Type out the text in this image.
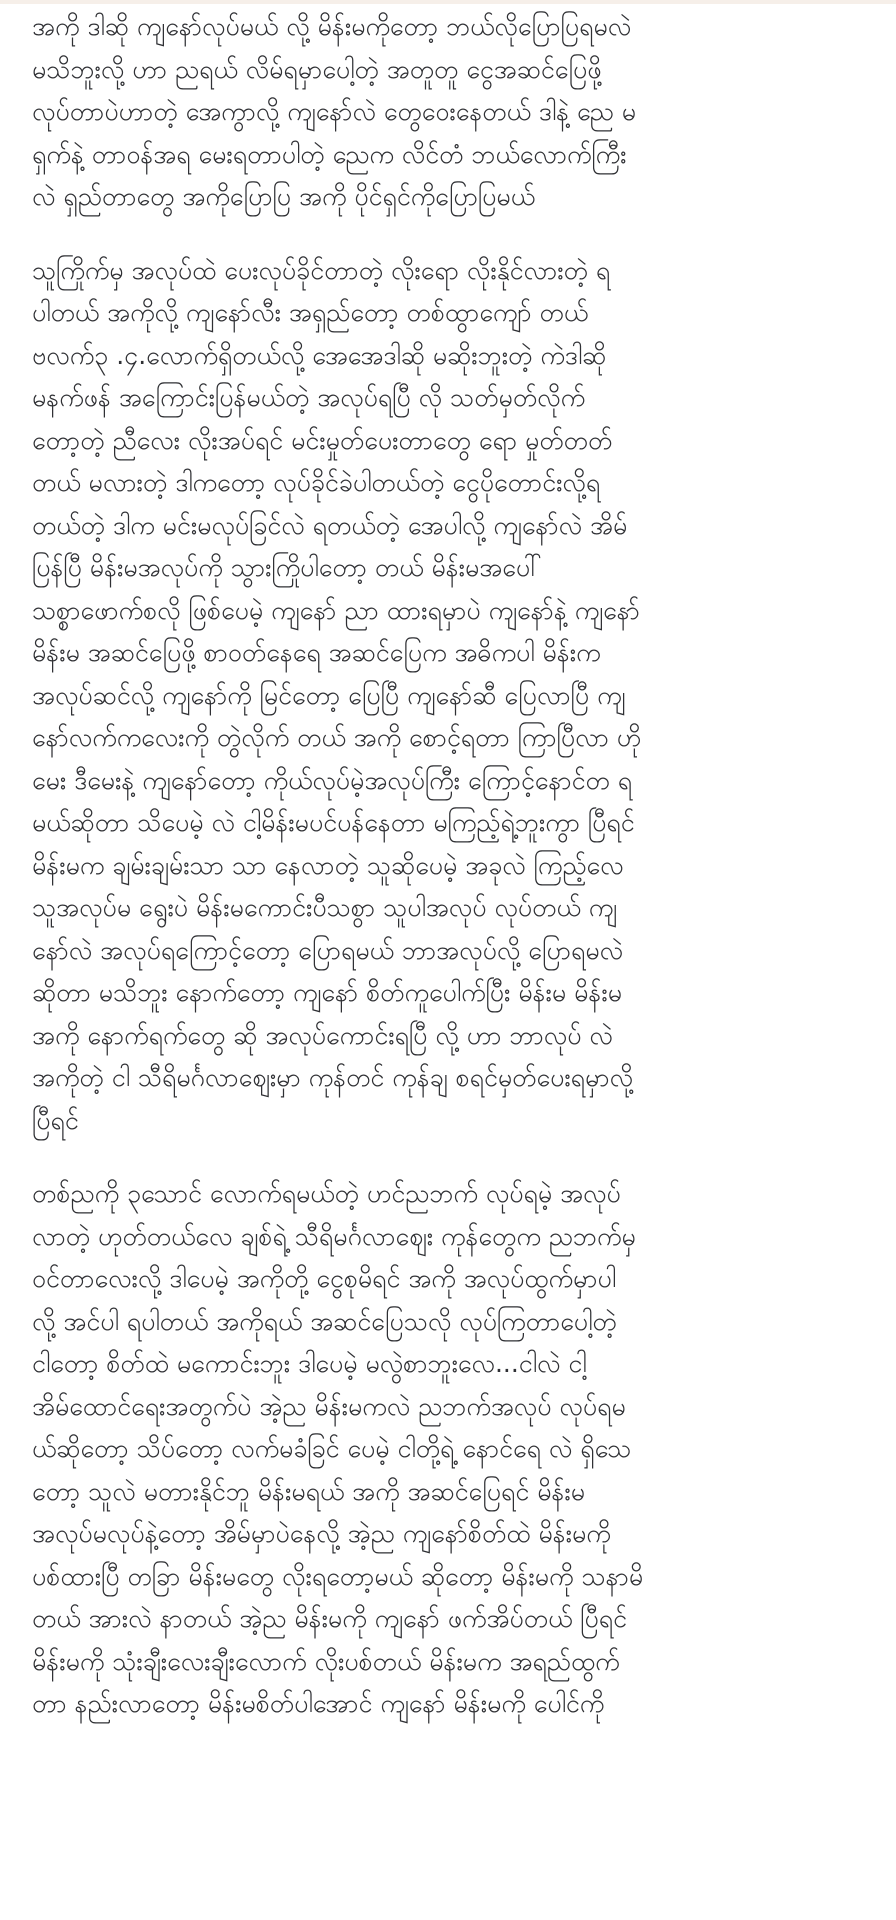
အကို ဒါဆို ကျနော်လုပ်မယ် လို့ မိန်းမကိုတော့ ဘယ်လိုပြောပြရမလဲ
မသိဘူးလို့ ဟာ ညရယ် လိမ်ရမှာပေါ့တဲ့ အတူတူ ငွေအဆင်ပြေဖို့
လုပ်တာပဲဟာတဲ့ အေကွာလို့ ကျနော်လဲ တွေဝေးနေတယ် ဒါနဲ့ ညေ မ
ရှက်နဲ့ တာဝန်အရ မေးရတာပါတဲ့ ညေက လိင်တံ ဘယ်လောက်ကြီး
လဲ ရှည်တာတွေ အကိုပြောပြ အကို ပိုင်ရှင်ကိုပြောပြမယ်
သူကြိုက်မှ အလုပ်ထဲ ပေးလုပ်ခိုင်တာတဲ့ လိုးရော လိုးနိုင်လားတဲ့ ရ
ပါတယ် အကိုလို့ ကျနော်လီး အရှည်တော့ တစ်ထွာကျော် တယ်
ဗလက်၃ .၄.လောက်ရှိတယ်လို့ အေအေဒါဆို မဆိုးဘူးတဲ့ ကဲဒါဆို
မနက်ဖန် အကြောင်းပြန်မယ်တဲ့ အလုပ်ရပြီ လို သတ်မှတ်လိုက်
တော့တဲ့ ညီလေး လိုးအပ်ရင် မင်းမှုတ်ပေးတာတွေ ရော မှုတ်တတ်
တယ် မလားတဲ့ ဒါကတော့ လုပ်ခိုင်ခဲပါတယ်တဲ့ ငွေပိုတောင်းလို့ရ
တယ်တဲ့ ဒါက မင်းမလုပ်ခြင်လဲ ရတယ်တဲ့ အေပါလို့ ကျနော်လဲ အိမ်
ပြန်ပြီ မိန်းမအလုပ်ကို သွားကြိုပါတော့ တယ် မိန်းမအပေါ်
သစ္စာဖောက်စလို ဖြစ်ပေမဲ့ ကျနော် ညာ ထားရမှာပဲ ကျနော်နဲ့ ကျနော်
မိန်းမ အဆင်ပြေဖို့ စာဝတ်နေရေ အဆင်ပြေက အဓိကပါ မိန်းက
အလုပ်ဆင်လို့ ကျနော်ကို မြင်တော့ ပြေပြီ ကျနော်ဆီ ပြေလာပြီ ကျ
နော်လက်ကလေးကို တွဲလိုက် တယ် အကို စောင့်ရတာ ကြာပြီလာ ဟို
မေး ဒီမေးနဲ့ ကျနော်တော့ ကိုယ်လုပ်မဲ့အလုပ်ကြီး ကြောင့်နောင်တ ရ
မယ်ဆိုတာ သိပေမဲ့ လဲ ငါ့မိန်းမပင်ပန်နေတာ မကြည့်ရဲ့ဘူးကွာ ပြီရင်
မိန်းမက ချမ်းချမ်းသာ သာ နေလာတဲ့ သူဆိုပေမဲ့ အခုလဲ ကြည့်လေ
သူအလုပ်မ ရွေးပဲ မိန်းမကောင်းပီသစွာ သူပါအလုပ် လုပ်တယ် ကျ
နော်လဲ အလုပ်ရကြောင့်တော့ ပြောရမယ် ဘာအလုပ်လို့ ပြောရမလဲ
ဆိုတာ မသိဘူး နောက်တော့ ကျနော် စိတ်ကူပေါက်ပြီး မိန်းမ မိန်းမ
အကို နောက်ရက်တွေ ဆို အလုပ်ကောင်းရပြီ လို့ ဟာ ဘာလုပ် လဲ
အကိုတဲ့ ငါ သီရိမင်္ဂလာဈေးမှာ ကုန်တင် ကုန်ချ စရင်မှတ်ပေးရမှာလို့
ပြီရင်
တစ်ညကို ၃သောင် လောက်ရမယ်တဲ့ ဟင်ညဘက် လုပ်ရမဲ့ အလုပ်
လာတဲ့ ဟုတ်တယ်လေ ချစ်ရဲ့ သီရိမင်္ဂလာဈေး ကုန်တွေက ညဘက်မှ
ဝင်တာလေးလို့ ဒါပေမဲ့ အကိုတို့ ငွေစုမိရင် အကို အလုပ်ထွက်မှာပါ
လို့ အင်ပါ ရပါတယ် အကိုရယ် အဆင်ပြေသလို လုပ်ကြတာပေါ့တဲ့
ငါတော့ စိတ်ထဲ မကောင်းဘူး ဒါပေမဲ့ မလွဲစာဘူးလေ...ငါလဲ ငါ့
အိမ်ထောင်ရေးအတွက်ပဲ အဲ့ည မိန်းမကလဲ ညဘက်အလုပ် လုပ်ရမ
ယ်ဆိုတော့ သိပ်တော့ လက်မခံခြင် ပေမဲ့ ငါတို့ရဲ့ နောင်ရေ လဲ ရှိသေ
တော့ သူလဲ မတားနိုင်ဘူ မိန်းမရယ် အကို အဆင်ပြေရင် မိန်းမ
အလုပ်မလုပ်နဲ့တော့ အိမ်မှာပဲနေလို့ အဲ့ည ကျနော်စိတ်ထဲ မိန်းမကို
ပစ်ထားပြီ တခြာ မိန်းမတွေ လိုးရတော့မယ် ဆိုတော့ မိန်းမကို သနာမိ
တယ် အားလဲ နာတယ် အဲ့ည မိန်းမကို ကျနော် ဖက်အိပ်တယ် ပြီရင်
မိန်းမကို သုံးချီးလေးချီးလောက် လိုးပစ်တယ် မိန်းမက အရည်ထွက်
တာ နည်းလာတော့ မိန်းမစိတ်ပါအောင် ကျနော် မိန်းမကို ပေါင်ကို
